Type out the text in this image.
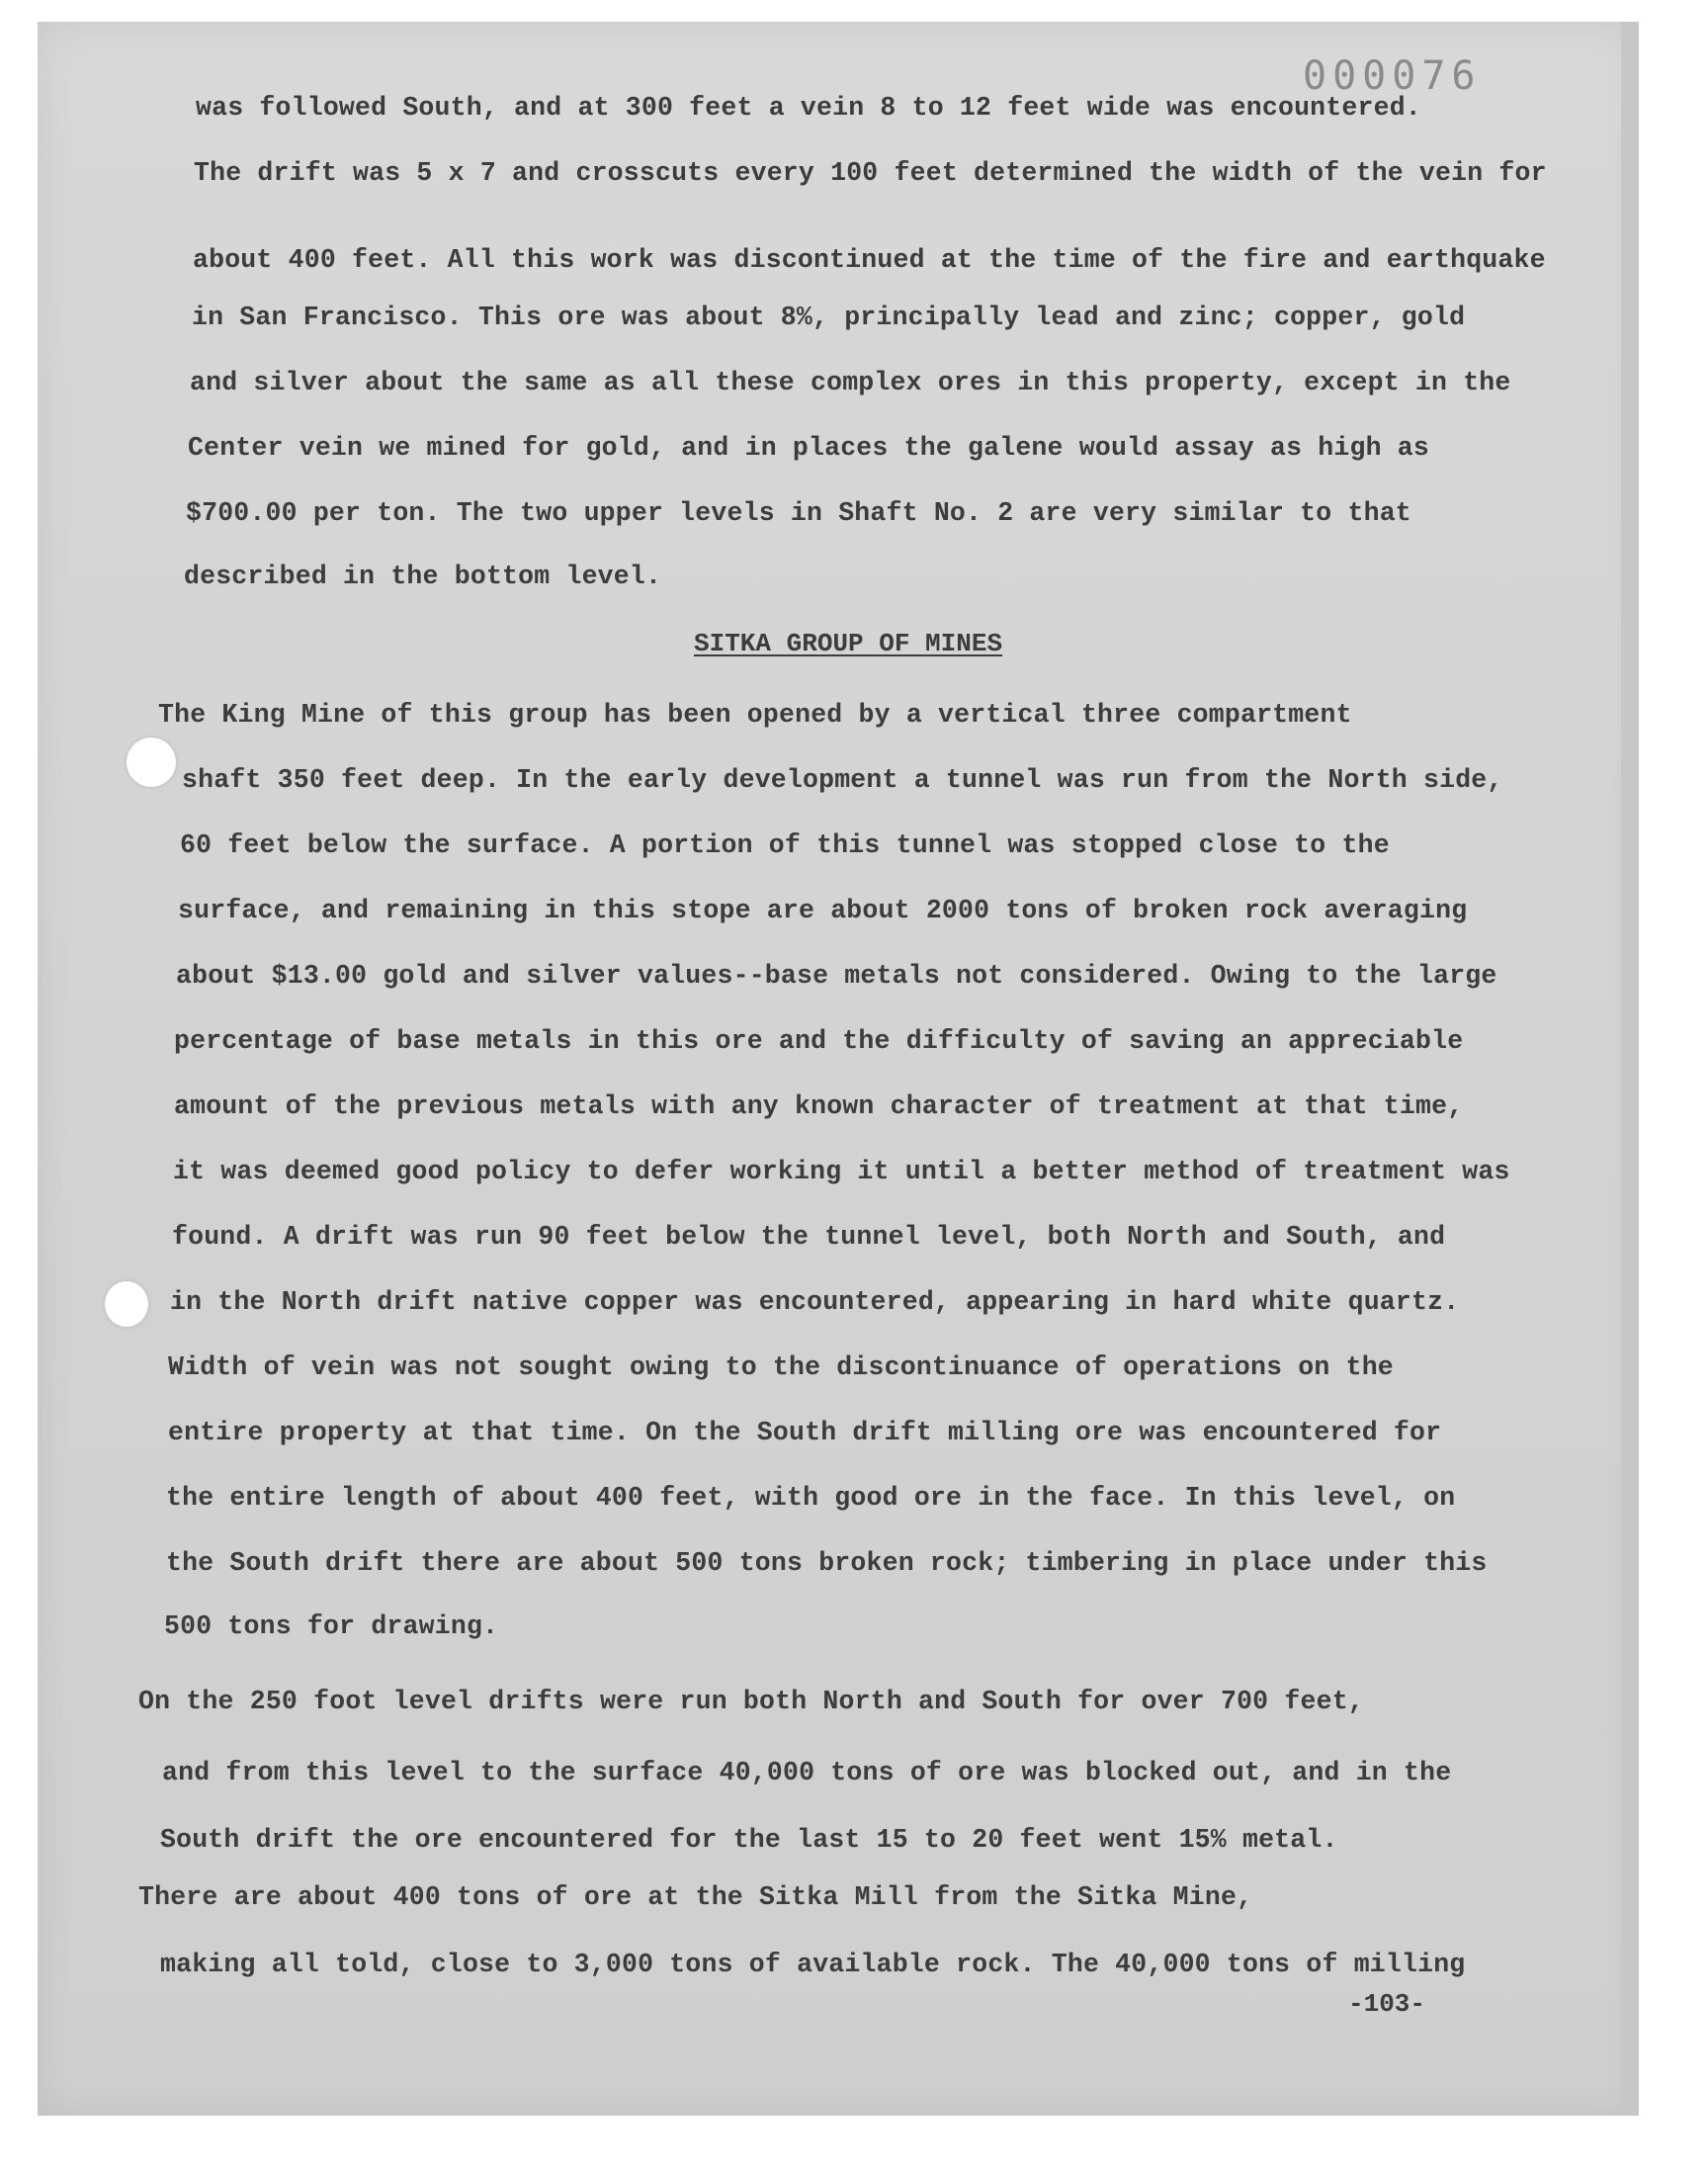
000076
was followed South, and at 300 feet a vein 8 to 12 feet wide was encountered.
The drift was 5 x 7 and crosscuts every 100 feet determined the width of the vein for
about 400 feet. All this work was discontinued at the time of the fire and earthquake
in San Francisco. This ore was about 8%, principally lead and zinc; copper, gold
and silver about the same as all these complex ores in this property, except in the
Center vein we mined for gold, and in places the galene would assay as high as
$700.00 per ton. The two upper levels in Shaft No. 2 are very similar to that
described in the bottom level.
SITKA GROUP OF MINES
The King Mine of this group has been opened by a vertical three compartment
shaft 350 feet deep. In the early development a tunnel was run from the North side,
60 feet below the surface. A portion of this tunnel was stopped close to the
surface, and remaining in this stope are about 2000 tons of broken rock averaging
about $13.00 gold and silver values--base metals not considered. Owing to the large
percentage of base metals in this ore and the difficulty of saving an appreciable
amount of the previous metals with any known character of treatment at that time,
it was deemed good policy to defer working it until a better method of treatment was
found. A drift was run 90 feet below the tunnel level, both North and South, and
in the North drift native copper was encountered, appearing in hard white quartz.
Width of vein was not sought owing to the discontinuance of operations on the
entire property at that time. On the South drift milling ore was encountered for
the entire length of about 400 feet, with good ore in the face. In this level, on
the South drift there are about 500 tons broken rock; timbering in place under this
500 tons for drawing.
On the 250 foot level drifts were run both North and South for over 700 feet,
and from this level to the surface 40,000 tons of ore was blocked out, and in the
South drift the ore encountered for the last 15 to 20 feet went 15% metal.
There are about 400 tons of ore at the Sitka Mill from the Sitka Mine,
making all told, close to 3,000 tons of available rock. The 40,000 tons of milling
-103-
